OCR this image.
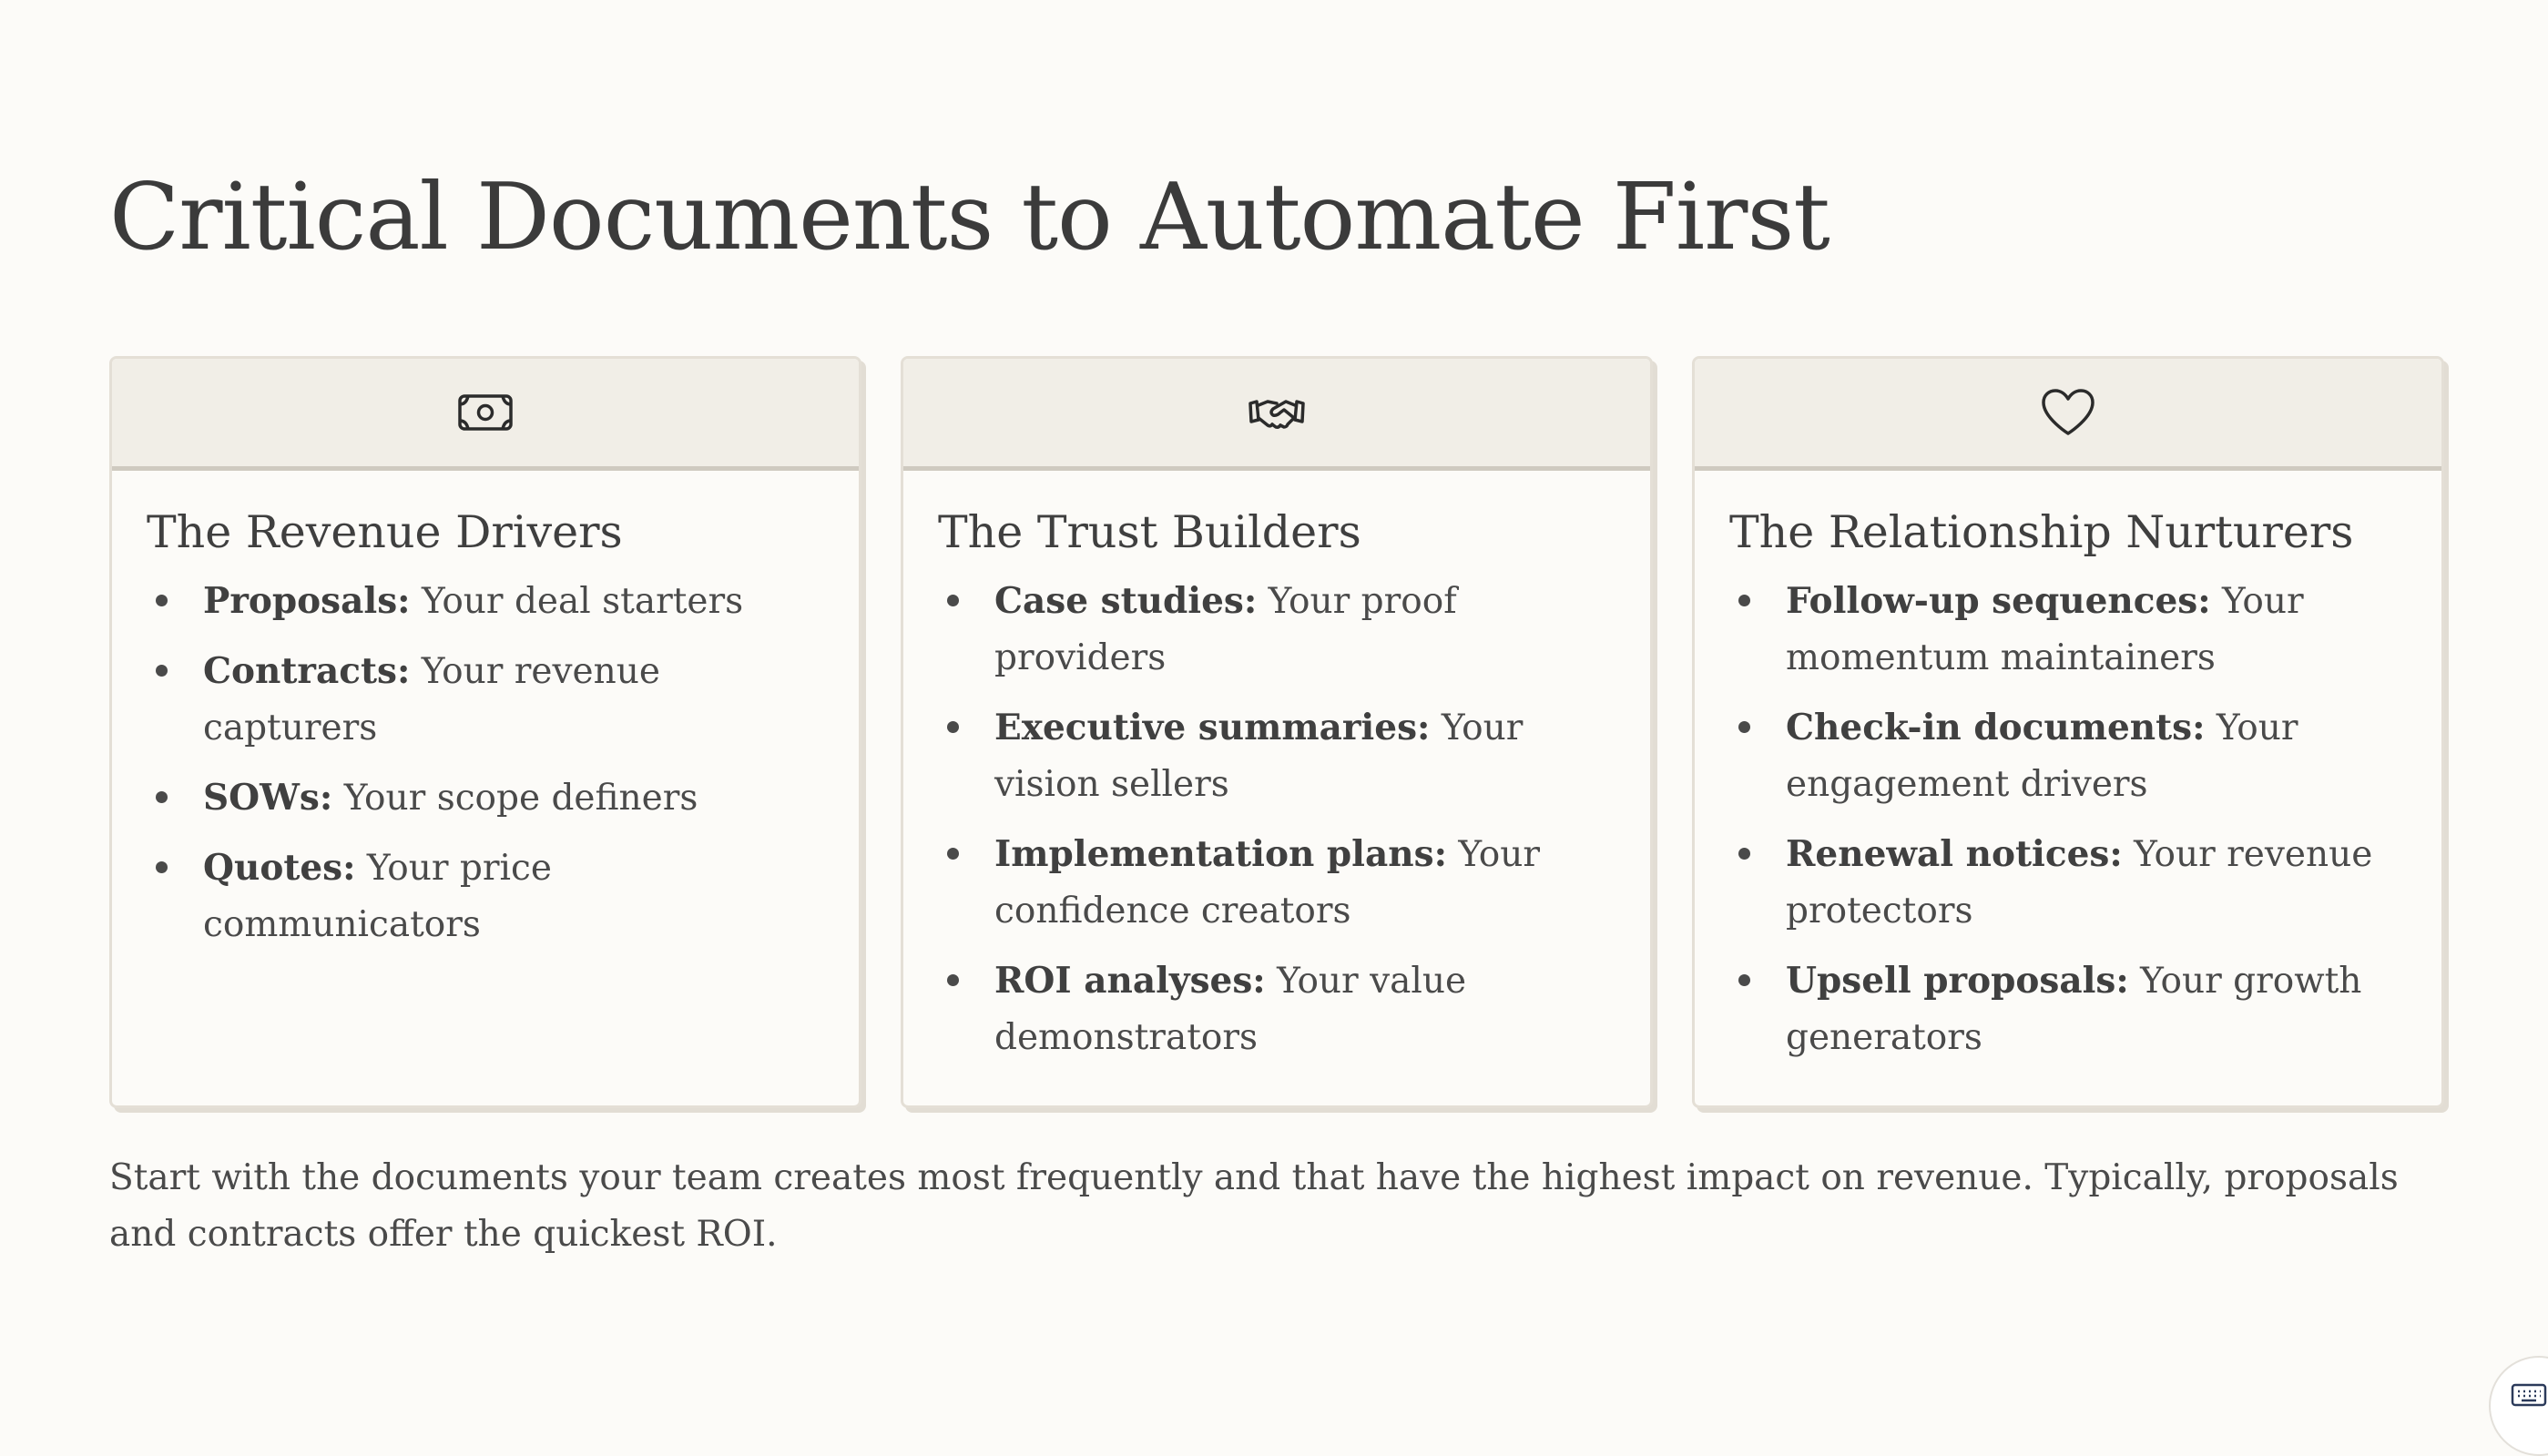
Critical Documents to Automate First
The Revenue Drivers
Proposals: Your deal starters
Contracts: Your revenue capturers
SOWs: Your scope definers
Quotes: Your price communicators
The Trust Builders
Case studies: Your proof providers
Executive summaries: Your vision sellers
Implementation plans: Your confidence creators
ROI analyses: Your value demonstrators
The Relationship Nurturers
Follow-up sequences: Your momentum maintainers
Check-in documents: Your engagement drivers
Renewal notices: Your revenue protectors
Upsell proposals: Your growth generators

Start with the documents your team creates most frequently and that have the highest impact on revenue. Typically, proposals and contracts offer the quickest ROI.
